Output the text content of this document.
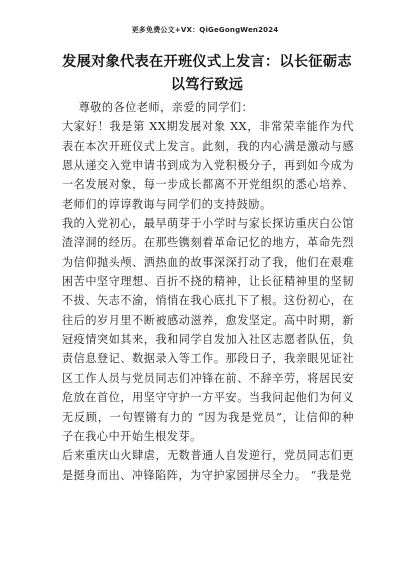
更多免费公文+VX：QiGeGongWen2024
发展对象代表在开班仪式上发言：以长征砺志 以笃行致远

尊敬的各位老师，亲爱的同学们：

大家好！我是第 XX期发展对象 XX，非常荣幸能作为代表在本次开班仪式上发言。此刻，我的内心满是激动与感恩从递交入党申请书到成为入党积极分子，再到如今成为一名发展对象，每一步成长都离不开党组织的悉心培养、老师们的谆谆教诲与同学们的支持鼓励。

我的入党初心，最早萌芽于小学时与家长探访重庆白公馆渣滓洞的经历。在那些镌刻着革命记忆的地方，革命先烈为信仰抛头颅、洒热血的故事深深打动了我，他们在艰难困苦中坚守理想、百折不挠的精神，让长征精神里的坚韧不拔、矢志不渝，悄悄在我心底扎下了根。这份初心，在往后的岁月里不断被感动滋养，愈发坚定。高中时期，新冠疫情突如其来，我和同学自发加入社区志愿者队伍，负责信息登记、数据录入等工作。那段日子，我亲眼见证社区工作人员与党员同志们冲锋在前、不辞辛劳，将居民安危放在首位，用坚守守护一方平安。当我问起他们为何义无反顾，一句铿锵有力的 “因为我是党员”，让信仰的种子在我心中开始生根发芽。

后来重庆山火肆虐，无数普通人自发逆行，党员同志们更是挺身而出、冲锋陷阵，为守护家园拼尽全力。 “我是党
